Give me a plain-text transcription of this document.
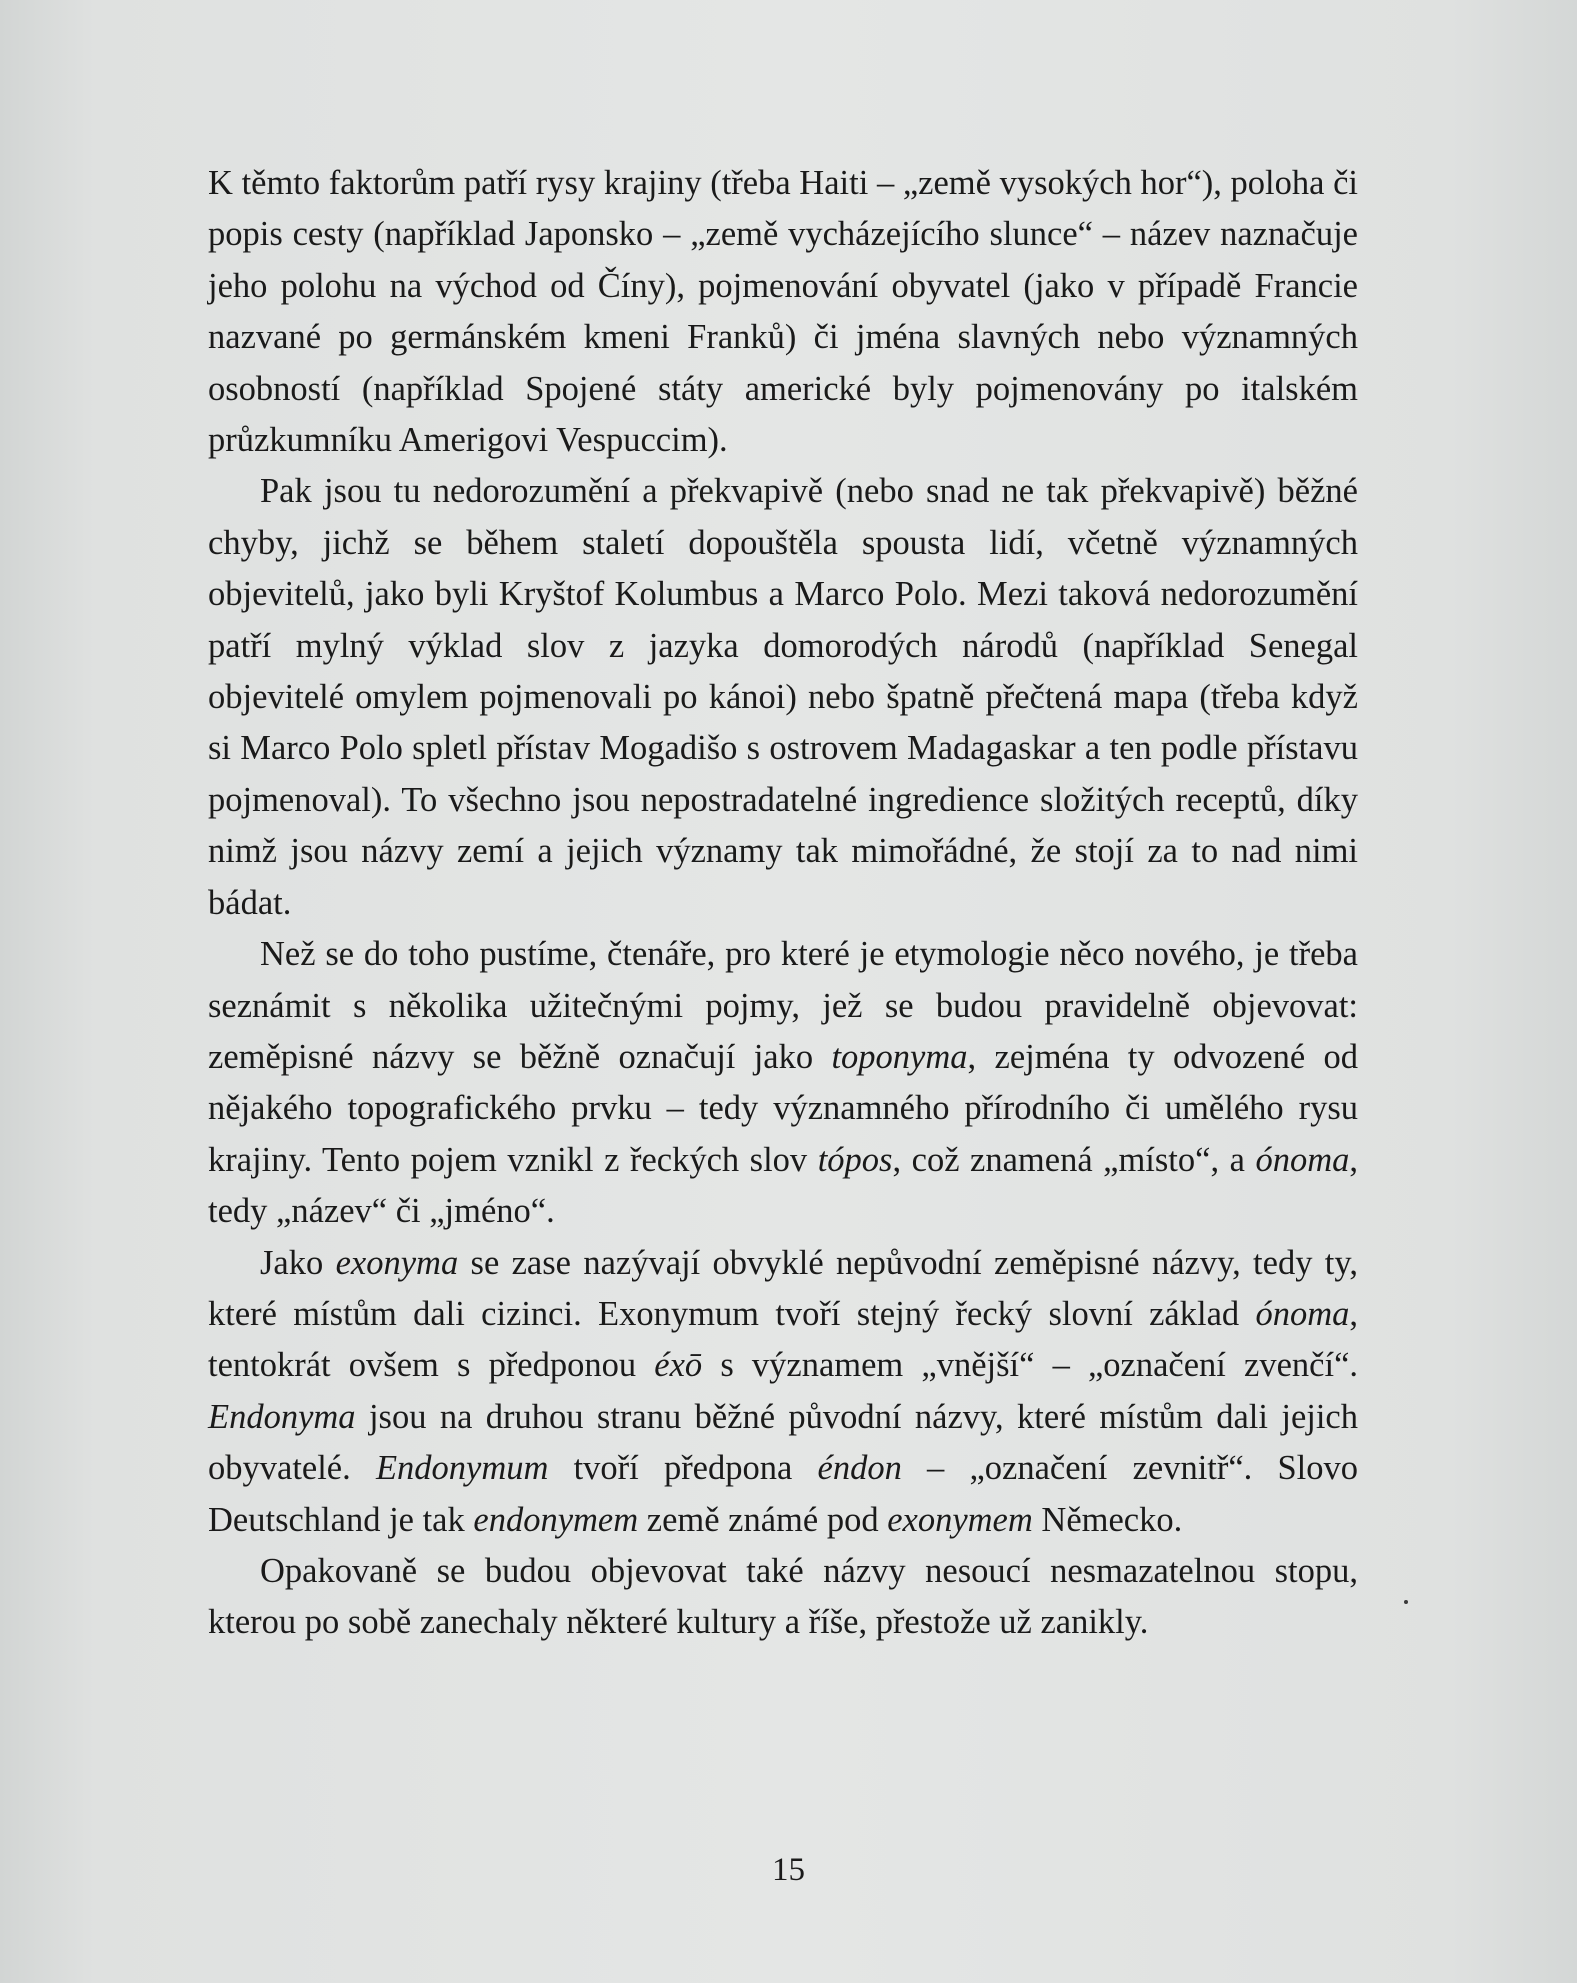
K těmto faktorům patří rysy krajiny (třeba Haiti – „země vysokých hor“), poloha či popis cesty (například Japonsko – „země vycházejícího slunce“ – název naznačuje jeho polohu na východ od Číny), pojmenování obyvatel (jako v případě Francie nazvané po germánském kmeni Franků) či jména slavných nebo významných osobností (například Spojené státy americké byly pojmenovány po italském průzkumníku Amerigovi Vespuccim).

Pak jsou tu nedorozumění a překvapivě (nebo snad ne tak překvapivě) běžné chyby, jichž se během staletí dopouštěla spousta lidí, včetně významných objevitelů, jako byli Kryštof Kolumbus a Marco Polo. Mezi taková nedorozumění patří mylný výklad slov z jazyka domorodých národů (například Senegal objevitelé omylem pojmenovali po kánoi) nebo špatně přečtená mapa (třeba když si Marco Polo spletl přístav Mogadišo s ostrovem Madagaskar a ten podle přístavu pojmenoval). To všechno jsou nepostradatelné ingredience složitých receptů, díky nimž jsou názvy zemí a jejich významy tak mimořádné, že stojí za to nad nimi bádat.

Než se do toho pustíme, čtenáře, pro které je etymologie něco nového, je třeba seznámit s několika užitečnými pojmy, jež se budou pravidelně objevovat: zeměpisné názvy se běžně označují jako toponyma, zejména ty odvozené od nějakého topografického prvku – tedy významného přírodního či umělého rysu krajiny. Tento pojem vznikl z řeckých slov tópos, což znamená „místo“, a ónoma, tedy „název“ či „jméno“.

Jako exonyma se zase nazývají obvyklé nepůvodní zeměpisné názvy, tedy ty, které místům dali cizinci. Exonymum tvoří stejný řecký slovní základ ónoma, tentokrát ovšem s předponou éxō s významem „vnější“ – „označení zvenčí“. Endonyma jsou na druhou stranu běžné původní názvy, které místům dali jejich obyvatelé. Endonymum tvoří předpona éndon – „označení zevnitř“. Slovo Deutschland je tak endonymem země známé pod exonymem Německo.

Opakovaně se budou objevovat také názvy nesoucí nesmazatelnou stopu, kterou po sobě zanechaly některé kultury a říše, přestože už zanikly.

15
